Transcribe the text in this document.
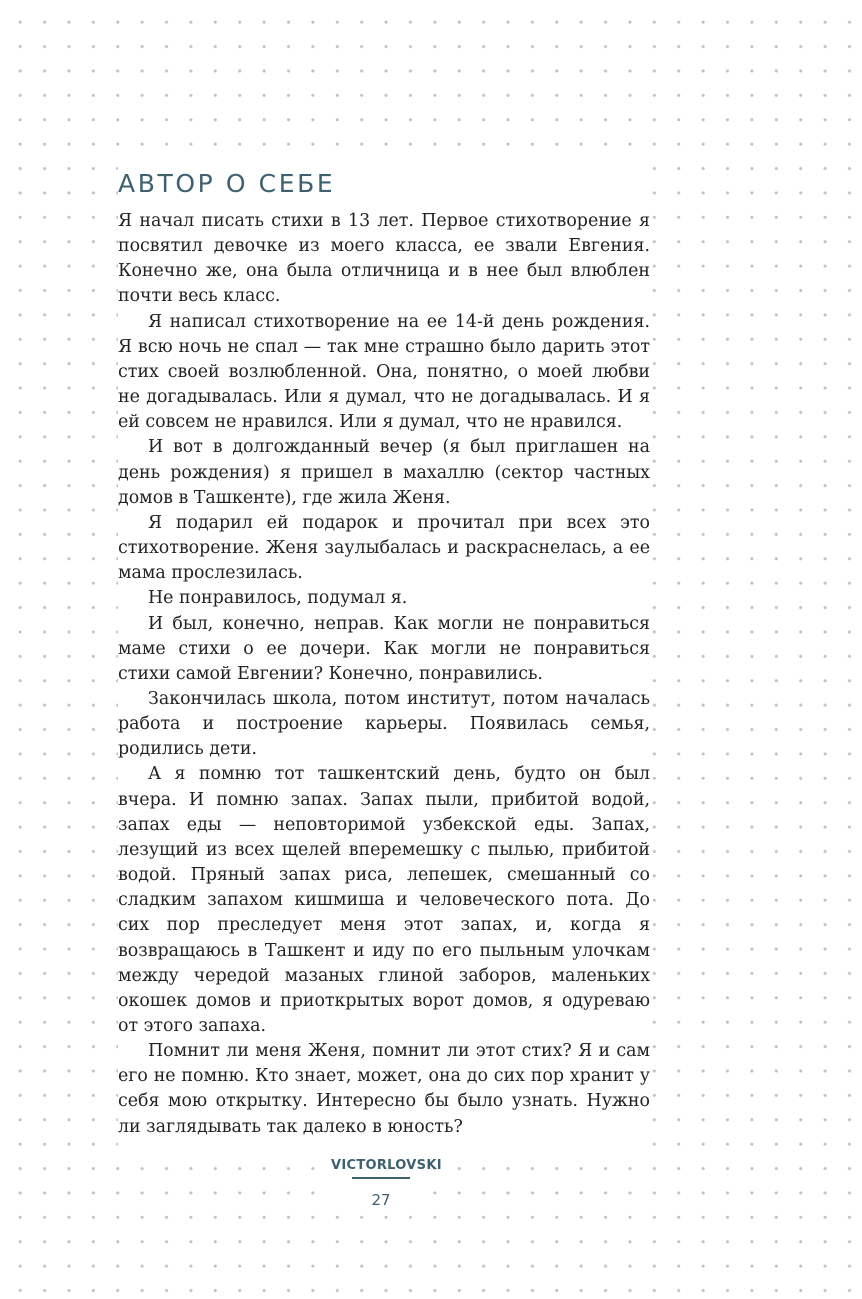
АВТОР О СЕБЕ

Я начал писать стихи в 13 лет. Первое стихотворение я посвятил девочке из моего класса, ее звали Евгения. Конечно же, она была отличница и в нее был влюблен почти весь класс.

Я написал стихотворение на ее 14-й день рождения. Я всю ночь не спал — так мне страшно было дарить этот стих своей возлюбленной. Она, понятно, о моей любви не догадывалась. Или я думал, что не догадывалась. И я ей совсем не нравился. Или я думал, что не нравился.

И вот в долгожданный вечер (я был приглашен на день рождения) я пришел в махаллю (сектор частных домов в Ташкенте), где жила Женя.

Я подарил ей подарок и прочитал при всех это стихотворение. Женя заулыбалась и раскраснелась, а ее мама прослезилась.

Не понравилось, подумал я.

И был, конечно, неправ. Как могли не понравиться маме стихи о ее дочери. Как могли не понравиться стихи самой Евгении? Конечно, понравились.

Закончилась школа, потом институт, потом началась работа и построение карьеры. Появилась семья, родились дети.

А я помню тот ташкентский день, будто он был вчера. И помню запах. Запах пыли, прибитой водой, запах еды — неповторимой узбекской еды. Запах, лезущий из всех щелей вперемешку с пылью, прибитой водой. Пряный запах риса, лепешек, смешанный со сладким запахом кишмиша и человеческого пота. До сих пор преследует меня этот запах, и, когда я возвращаюсь в Ташкент и иду по его пыльным улочкам между чередой мазаных глиной заборов, маленьких окошек домов и приоткрытых ворот домов, я одуреваю от этого запаха.

Помнит ли меня Женя, помнит ли этот стих? Я и сам его не помню. Кто знает, может, она до сих пор хранит у себя мою открытку. Интересно бы было узнать. Нужно ли заглядывать так далеко в юность?

VICTORLOVSKI
27
